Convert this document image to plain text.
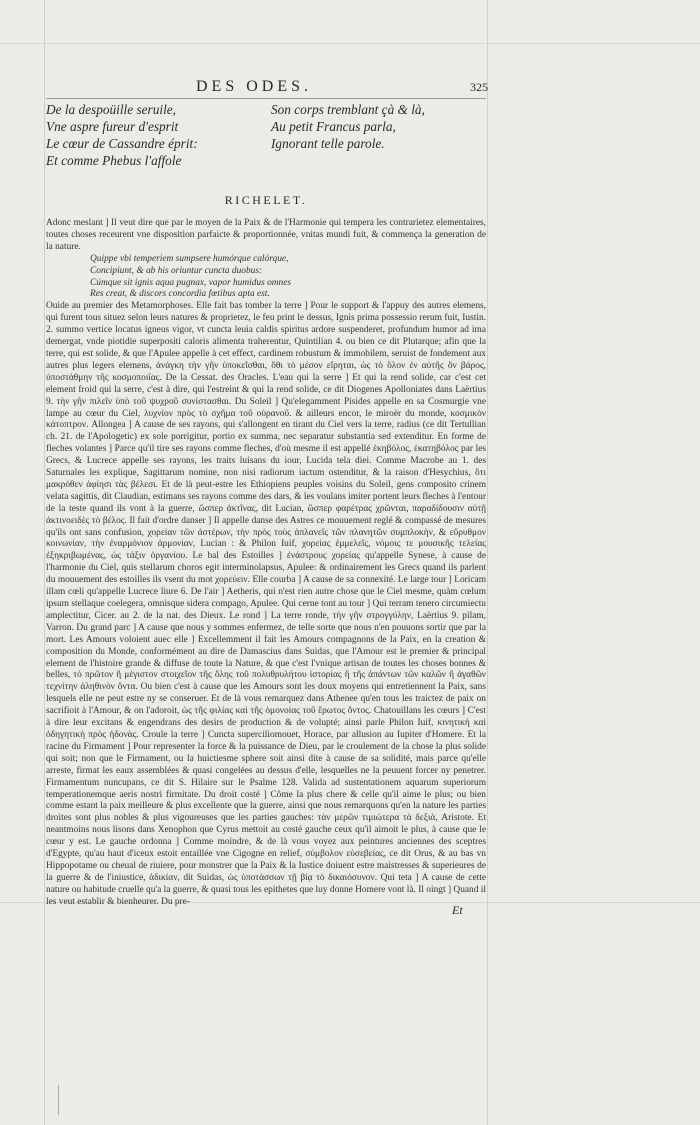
DES ODES.	325
De la despoüille seruile,
Vne aspre fureur d'esprit
Le cœur de Cassandre éprit:
Et comme Phebus l'affole
Son corps tremblant çà & là,
Au petit Francus parla,
Ignorant telle parole.
RICHELET.

Adonc meslant ] Il veut dire que par le moyen de la Paix & de l'Harmonie qui tempera les contrarietez elementaires, toutes choses receurent vne disposition parfaicte & proportionnée, vnitas mundi fuit, & commença la generation de la nature.

Quippe vbi temperiem sumpsere humórque calórque,
Concipiunt, & ab his oriuntur cuncta duobus:
Cúmque sit ignis aqua pugnax, vapor humidus omnes
Res creat, & discors concordia fœtibus apta est.

Ouide au premier des Metamorphoses. Elle fait bas tomber la terre ] Pour le support & l'appuy des autres elemens, qui furent tous situez selon leurs natures & proprietez, le feu print le dessus, Ignis prima possessio rerum fuit, Iustin. 2. summo vertice locatus igneus vigor, vt cuncta leuia caldis spiritus ardore suspenderet, profundum humor ad ima demergat, vnde piotidie superpositi caloris alimenta traherentur, Quintilian 4. ou bien ce dit Plutarque; afin que la terre, qui est solide, & que l'Apulee appelle à cet effect, cardinem robustum & immobilem, seruist de fondement aux autres plus legers elemens, ἀνάγκη τὴν γῆν ὑποκεῖσθαι, ὅθι τὸ μέσον εἴρηται, ὡς τὸ ὅλον ἐν αὐτῆς ὂν βάρος, ὑποστάθμην τῆς κοσμοποιΐας. De la Cessat. des Oracles. L'eau qui la serre ] Et qui la rend solide, car c'est cet element froid qui la serre, c'est à dire, qui l'estreint & qui la rend solide, ce dit Diogenes Apolloniates dans Laërtius 9. τὴν γῆν πιλεῖν ὑπὸ τοῦ ψυχροῦ συνίστασθαι. Du Soleil ] Qu'elegamment Pisides appelle en sa Cosmurgie vne lampe au cœur du Ciel, λυχνίον πρὸς τὸ σχῆμα τοῦ οὐρανοῦ. & ailleurs encor, le miroër du monde, κοσμικὸν κάτοπτρον. Allongea ] A cause de ses rayons, qui s'allongent en tirant du Ciel vers la terre, radius (ce dit Tertullian ch. 21. de l'Apologetic) ex sole porrigitur, portio ex summa, nec separatur substantia sed extenditur. En forme de fleches volantes ] Parce qu'il tire ses rayons comme fleches, d'où mesme il est appellé ἑκηβόλος, ἑκατηβόλος par les Grecs, & Lucrece appelle ses rayons, les traits luisans du iour, Lucida tela diei. Comme Macrobe au 1. des Saturnales les explique, Sagittarum nomine, non nisi radiorum iactum ostenditur, & la raison d'Hesychius, ὅτι μακρόθεν ἀφίησι τὰς βέλεσι. Et de là peut-estre les Ethiopiens peuples voisins du Soleil, gens composito crinem velata sagittis, dit Claudian, estimans ses rayons comme des dars, & les voulans imiter portent leurs fleches à l'entour de la teste quand ils vont à la guerre, ὥσπερ ἀκτῖνας, dit Lucian, ὥσπερ φαρέτρας χρῶνται, παραδίδουσιν αὐτῇ ἀκτινοειδὲς τὸ βέλος. Il fait d'ordre danser ] Il appelle danse des Astres ce mouuement reglé & compassé de mesures qu'ils ont sans confusion, χορείαν τῶν ἀστέρων, τὴν πρὸς τοὺς ἀπλανεῖς τῶν πλανητῶν συμπλοκὴν, & εὔρυθμον κοινωνίαν, τὴν ἐναρμόνιον ἁρμονίαν, Lucian : & Philon Iuif, χορείας ἐμμελεῖς, νόμοις τε μουσικῆς τελείας ἐξηκριβωμένας, ὡς τάξιν ὀργανίου. Le bal des Estoilles ] ἐνάστρους χορείας qu'appelle Synese, à cause de l'harmonie du Ciel, quis stellarum choros egit interminolapsus, Apulee: & ordinairement les Grecs quand ils parlent du mouuement des estoilles ils vsent du mot χορεύειν. Elle courba ] A cause de sa connexité. Le large tour ] Loricam illam cœli qu'appelle Lucrece liure 6. De l'air ] Aetheris, qui n'est rien autre chose que le Ciel mesme, quàm cœlum ipsum stellaque coelegera, omnisque sidera compago, Apulee. Qui cerne tont au tour ] Qui terram tenero circumiectu amplectitur, Cicer. au 2. de la nat. des Dieux. Le rond ] La terre ronde, τὴν γῆν στρογγύλην, Laërtius 9. pilam, Varron. Du grand parc ] A cause que nous y sommes enfermez, de telle sorte que nous n'en pouuons sortir que par la mort. Les Amours voloient auec elle ] Excellemment il fait les Amours compagnons de la Paix, en la creation & composition du Monde, conformément au dire de Damascius dans Suidas, que l'Amour est le premier & principal element de l'histoire grande & diffuse de toute la Nature, & que c'est l'vnique artisan de toutes les choses bonnes & belles, τὸ πρῶτον ἢ μέγιστον στοιχεῖον τῆς ὅλης τοῦ πολυθρυλήτου ἱστορίας ἢ τῆς ἁπάντων τῶν καλῶν ἢ ἀγαθῶν τεχνίτην ἀληθινὸν ὄντα. Ou bien c'est à cause que les Amours sont les doux moyens qui entretiennent la Paix, sans lesquels elle ne peut estre ny se conseruer. Et de là vous remarquez dans Athenee qu'en tous les traictez de paix on sacrifioit à l'Amour, & on l'adoroit, ὡς τῆς φιλίας καὶ τῆς ὁμονοίας τοῦ ἔρωτος ὄντος. Chatouillans les cœurs ] C'est à dire leur excitans & engendrans des desirs de production & de volupté; ainsi parle Philon Iuif, κινητικὴ καὶ ὁδηγητικὴ πρὸς ἡδονὰς. Croule la terre ] Cuncta superciliomouet, Horace, par allusion au Iupiter d'Homere. Et la racine du Firmament ] Pour representer la force & la puissance de Dieu, par le croulement de la chose la plus solide qui soit; non que le Firmament, ou la huictiesme sphere soit ainsi dite à cause de sa solidité, mais parce qu'elle arreste, firmat les eaux assemblées & quasi congelées au dessus d'elle, lesquelles ne la peuuent forcer ny penetrer. Firmamentum nuncupans, ce dit S. Hilaire sur le Psalme 128. Valida ad sustentationem aquarum superiorum temperationemque aeris nostri firmitate. Du droit costé ] Côme la plus chere & celle qu'il aime le plus; ou bien comme estant la paix meilleure & plus excellente que la guerre, ainsi que nous remarquons qu'en la nature les parties droites sont plus nobles & plus vigoureuses que les parties gauches: τὰν μερῶν τιμιώτερα τὰ δεξιὰ, Aristote. Et neantmoins nous lisons dans Xenophon que Cyrus mettoit au costé gauche ceux qu'il aimoit le plus, à cause que le cœur y est. Le gauche ordonna ] Comme moindre, & de là vous voyez aux peintures anciennes des sceptres d'Egypte, qu'au haut d'iceux estoit entaillée vne Cigogne en relief, σύμβολον εὐσεβείας, ce dit Orus, & au bas vn Hippopotame ou cheual de riuiere, pour monstrer que la Paix & la Iustice doiuent estre maistresses & superieures de la guerre & de l'iniustice, ἀδικίαν, dit Suidas, ὡς ὑποτάσσων τῇ βίᾳ τὸ δικαιόσυνον. Qui teta ] A cause de cette nature ou habitude cruelle qu'a la guerre, & quasi tous les epithetes que luy donne Homere vont là. Il oingt ] Quand il les veut establir & bienheurer. Du pre-

Et
